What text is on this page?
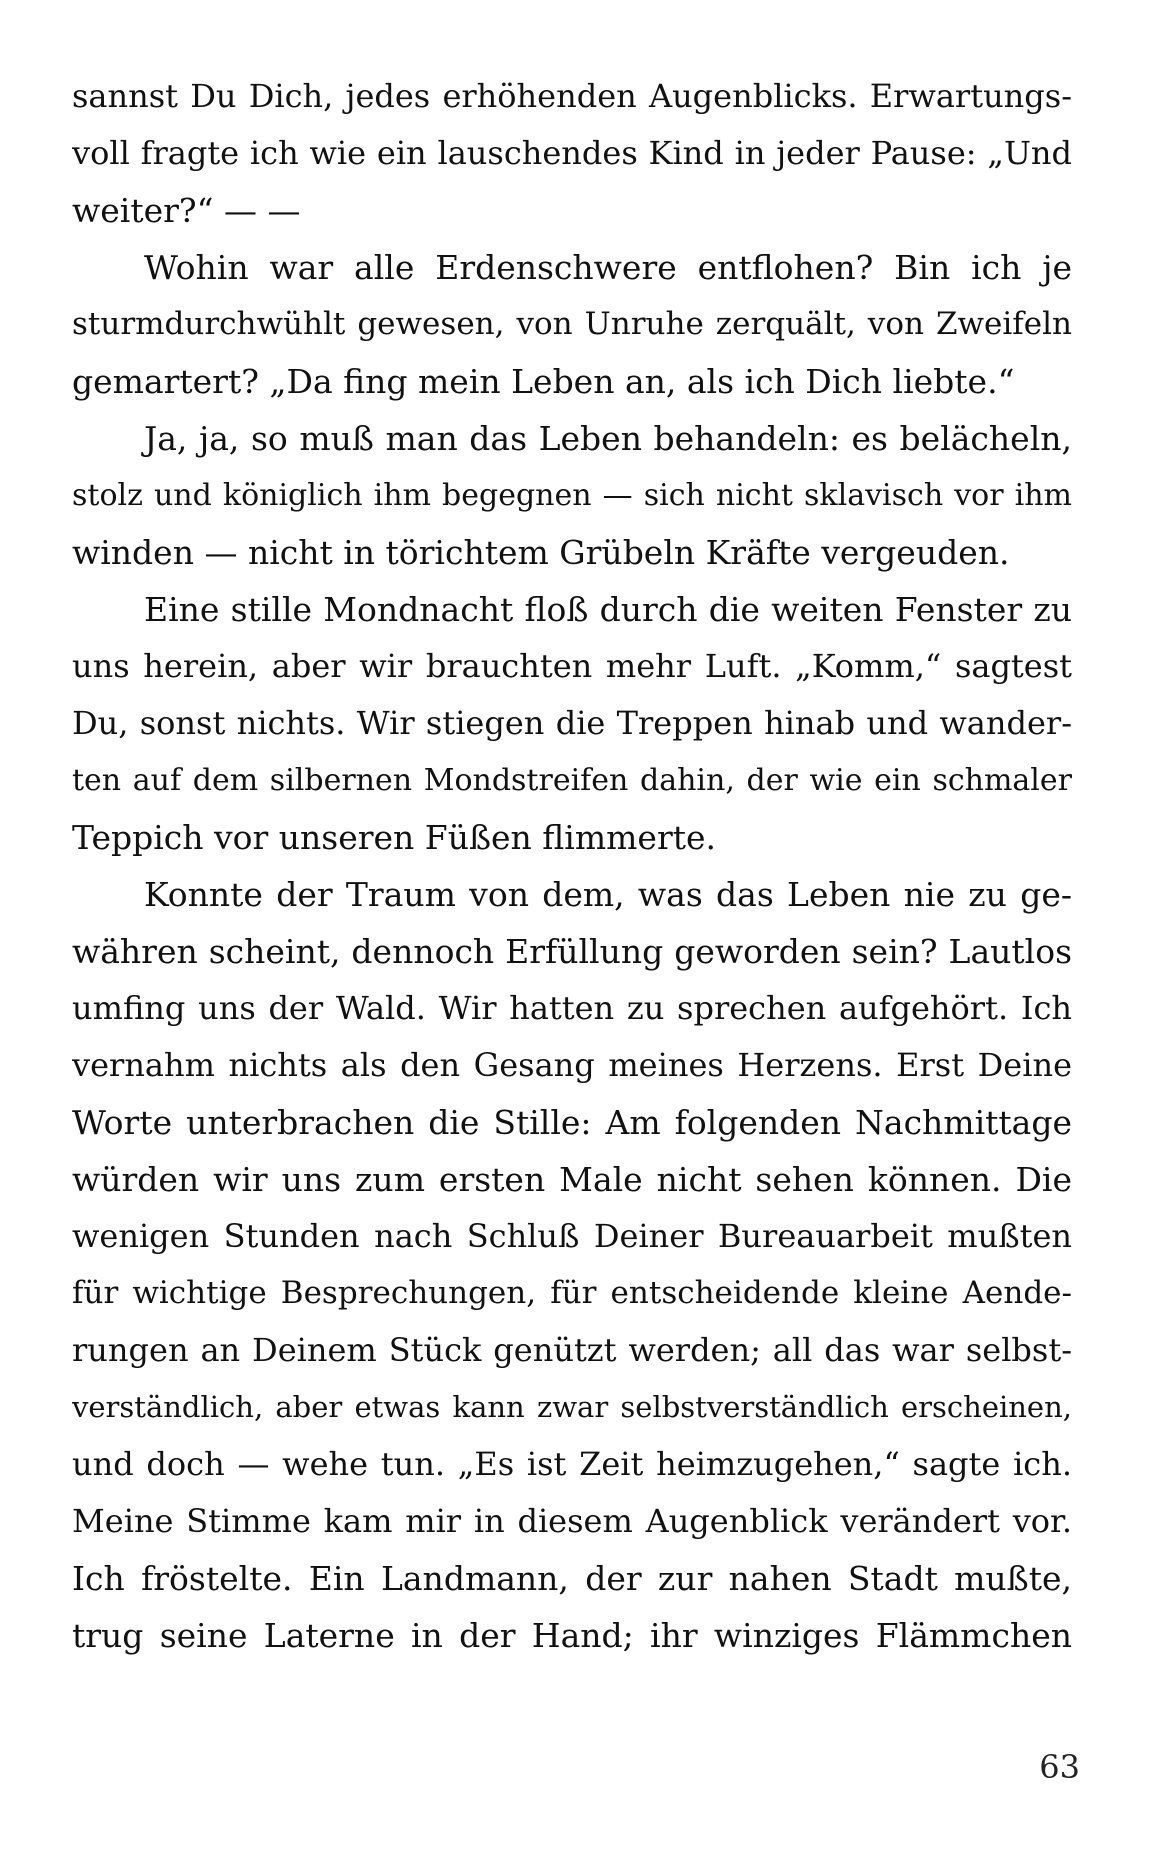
sannst Du Dich, jedes erhöhenden Augenblicks. Erwartungs-
voll fragte ich wie ein lauschendes Kind in jeder Pause: „Und
weiter?“ — —
Wohin war alle Erdenschwere entflohen? Bin ich je
sturmdurchwühlt gewesen, von Unruhe zerquält, von Zweifeln
gemartert? „Da fing mein Leben an, als ich Dich liebte.“
Ja, ja, so muß man das Leben behandeln: es belächeln,
stolz und königlich ihm begegnen — sich nicht sklavisch vor ihm
winden — nicht in törichtem Grübeln Kräfte vergeuden.
Eine stille Mondnacht floß durch die weiten Fenster zu
uns herein, aber wir brauchten mehr Luft. „Komm,“ sagtest
Du, sonst nichts. Wir stiegen die Treppen hinab und wander-
ten auf dem silbernen Mondstreifen dahin, der wie ein schmaler
Teppich vor unseren Füßen flimmerte.
Konnte der Traum von dem, was das Leben nie zu ge-
währen scheint, dennoch Erfüllung geworden sein? Lautlos
umfing uns der Wald. Wir hatten zu sprechen aufgehört. Ich
vernahm nichts als den Gesang meines Herzens. Erst Deine
Worte unterbrachen die Stille: Am folgenden Nachmittage
würden wir uns zum ersten Male nicht sehen können. Die
wenigen Stunden nach Schluß Deiner Bureauarbeit mußten
für wichtige Besprechungen, für entscheidende kleine Aende-
rungen an Deinem Stück genützt werden; all das war selbst-
verständlich, aber etwas kann zwar selbstverständlich erscheinen,
und doch — wehe tun. „Es ist Zeit heimzugehen,“ sagte ich.
Meine Stimme kam mir in diesem Augenblick verändert vor.
Ich fröstelte. Ein Landmann, der zur nahen Stadt mußte,
trug seine Laterne in der Hand; ihr winziges Flämmchen
63
